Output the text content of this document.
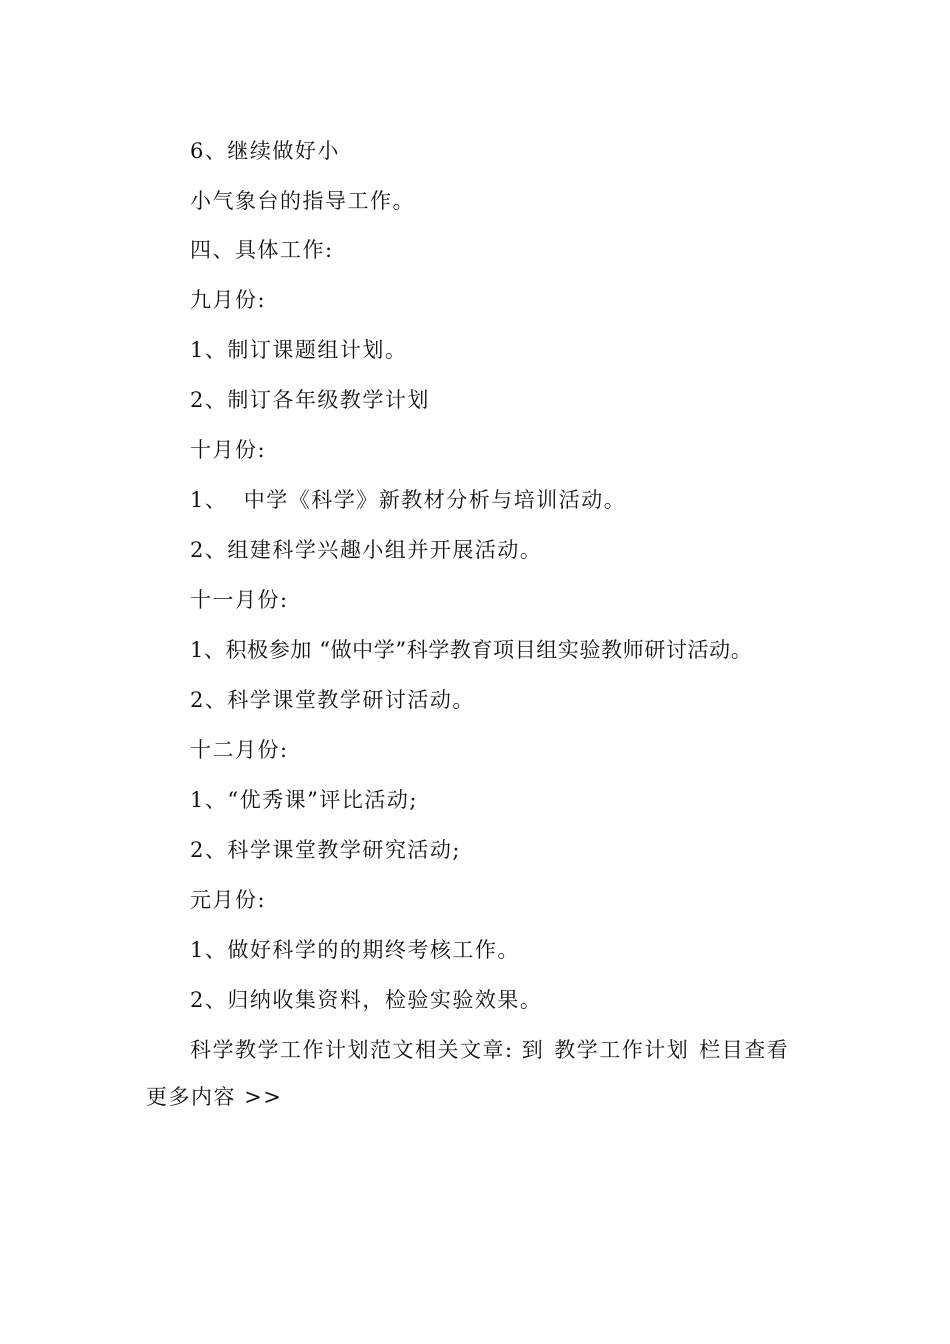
6、继续做好小
小气象台的指导工作。
四、具体工作:
九月份:
1、制订课题组计划。
2、制订各年级教学计划
十月份:
1、  中学《科学》新教材分析与培训活动。
2、组建科学兴趣小组并开展活动。
十一月份:
1、积极参加 “做中学”科学教育项目组实验教师研讨活动。
2、科学课堂教学研讨活动。
十二月份:
1、“优秀课”评比活动;
2、科学课堂教学研究活动;
元月份:
1、做好科学的的期终考核工作。
2、归纳收集资料，检验实验效果。
科学教学工作计划范文相关文章: 到 教学工作计划 栏目查看
更多内容 >>
